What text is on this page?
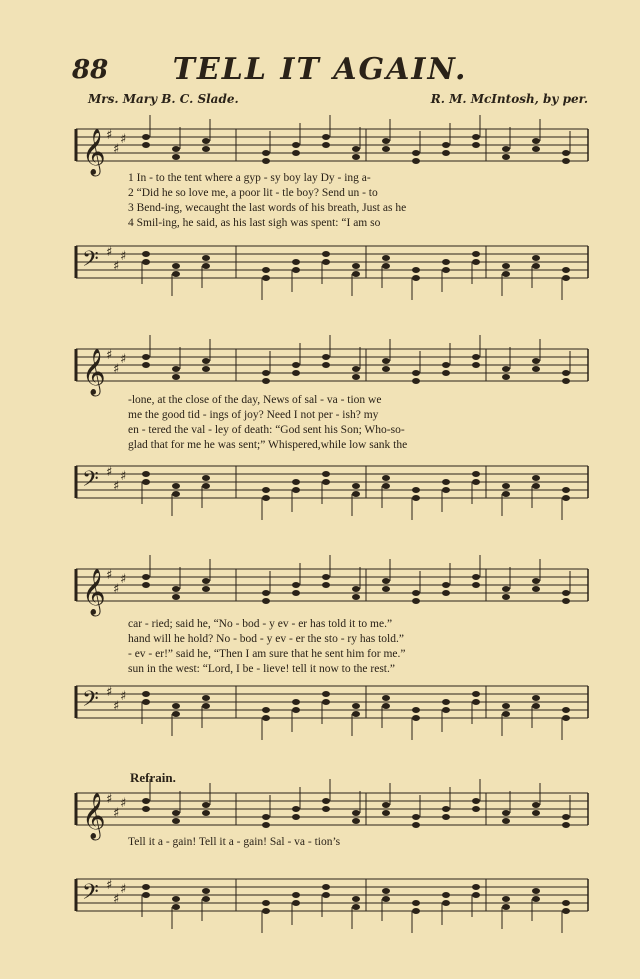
88	TELL IT AGAIN.
Mrs. Mary B. C. Slade.	R. M. McIntosh, by per.
𝄞 ♯
♯
♯
1 In - to the tent where a gyp - sy boy lay Dy - ing a-
2 “Did he so love me, a poor lit - tle boy? Send un - to
3 Bend-ing, wecaught the last words of his breath, Just as he
4 Smil-ing, he said, as his last sigh was spent: “I am so
𝄢 ♯
♯
♯
𝄞 ♯
♯
♯
-lone, at the close of the day, News of sal - va - tion we
me the good tid - ings of joy? Need I not per - ish? my
en - tered the val - ley of death: “God sent his Son; Who-so-
glad that for me he was sent;” Whispered,while low sank the
𝄢 ♯
♯
♯
𝄞 ♯
♯
♯
car - ried; said he, “No - bod - y ev - er has told it to me.”
hand will he hold? No - bod - y ev - er the sto - ry has told.”
- ev - er!” said he, “Then I am sure that he sent him for me.”
sun in the west: “Lord, I be - lieve! tell it now to the rest.”
𝄢 ♯
♯
♯
Refrain.
𝄞 ♯
♯
♯
Tell it a - gain! Tell it a - gain! Sal - va - tion’s
𝄢 ♯
♯
♯
